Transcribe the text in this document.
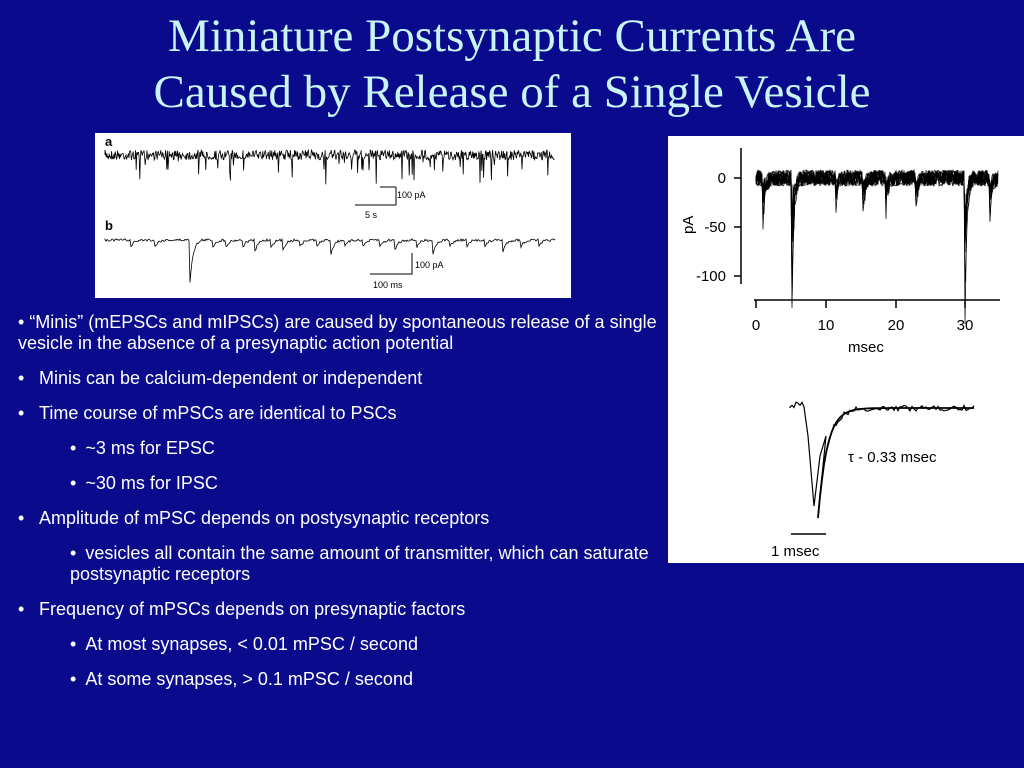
Miniature Postsynaptic Currents Are
Caused by Release of a Single Vesicle
a
100 pA
5 s
b
100 pA
100 ms
0
-50
-100
pA
0	10	20	30
msec
τ - 0.33 msec
1 msec
• “Minis” (mEPSCs and mIPSCs) are caused by spontaneous release of a single vesicle in the absence of a presynaptic action potential
• Minis can be calcium-dependent or independent
• Time course of mPSCs are identical to PSCs
• ~3 ms for EPSC
• ~30 ms for IPSC
• Amplitude of mPSC depends on postysynaptic receptors
• vesicles all contain the same amount of transmitter, which can saturate postsynaptic receptors
• Frequency of mPSCs depends on presynaptic factors
• At most synapses, < 0.01 mPSC / second
• At some synapses, > 0.1 mPSC / second
